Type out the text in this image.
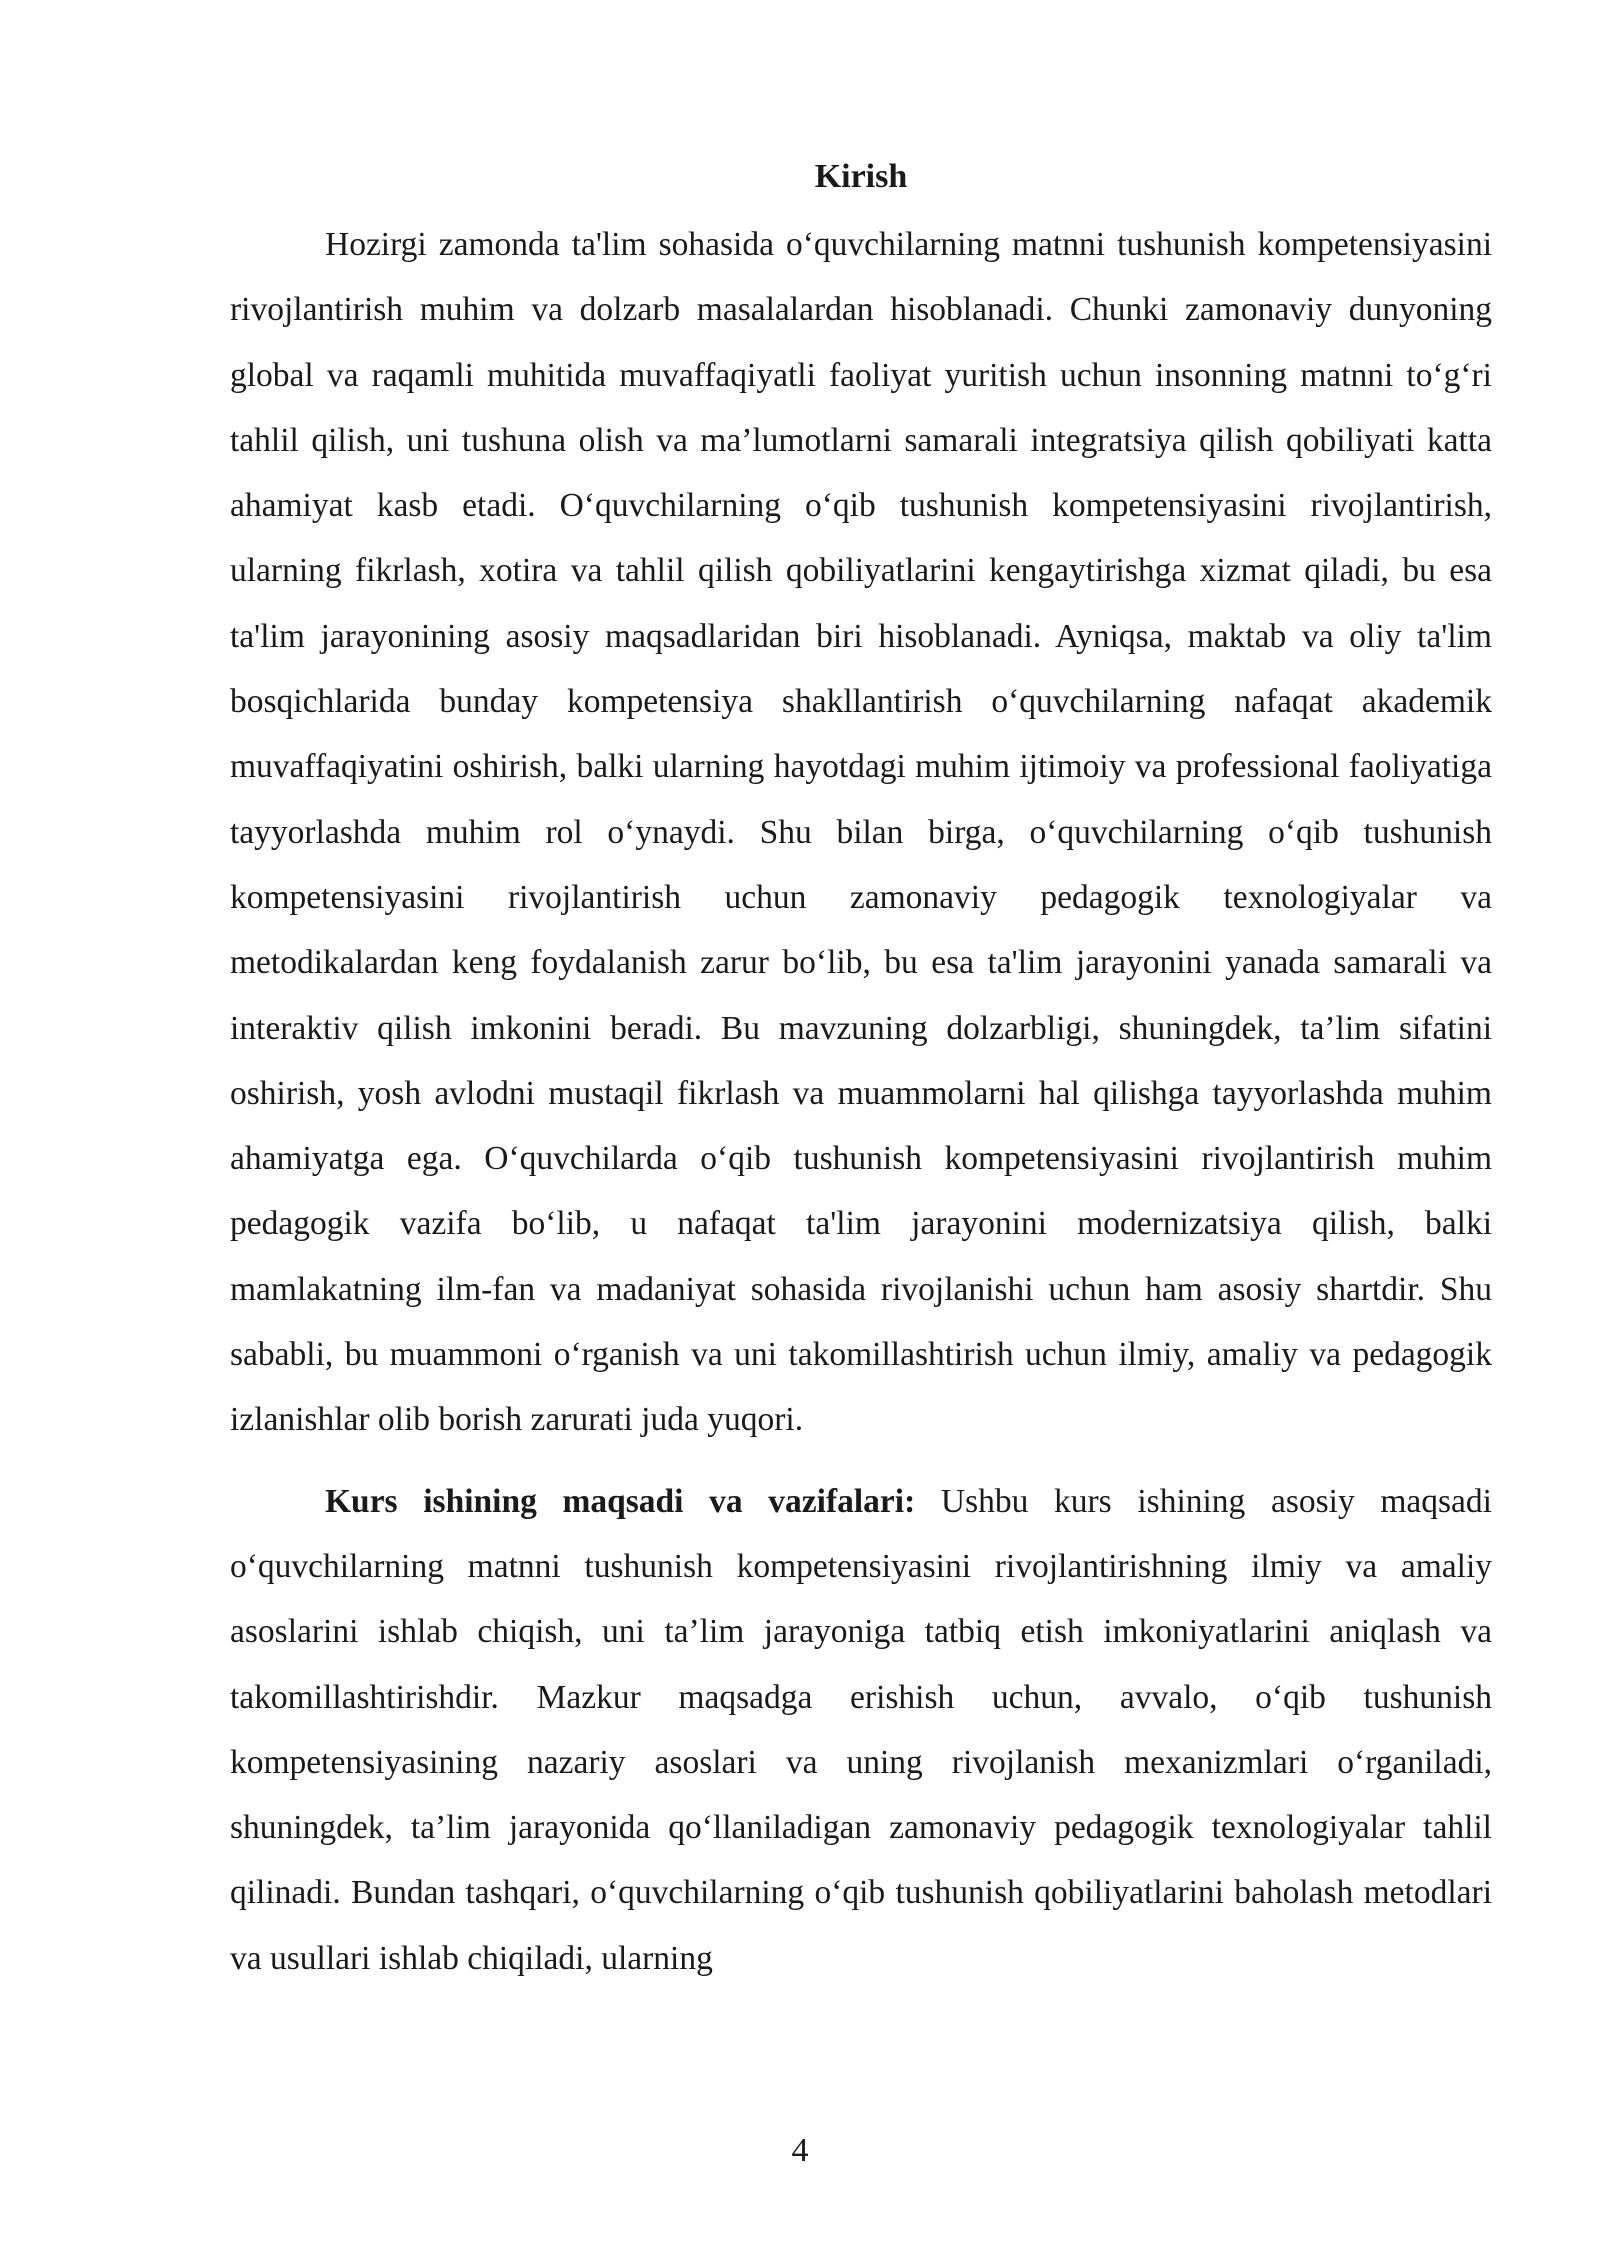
Kirish

Hozirgi zamonda ta'lim sohasida o‘quvchilarning matnni tushunish kompetensiyasini rivojlantirish muhim va dolzarb masalalardan hisoblanadi. Chunki zamonaviy dunyoning global va raqamli muhitida muvaffaqiyatli faoliyat yuritish uchun insonning matnni to‘g‘ri tahlil qilish, uni tushuna olish va ma’lumotlarni samarali integratsiya qilish qobiliyati katta ahamiyat kasb etadi. O‘quvchilarning o‘qib tushunish kompetensiyasini rivojlantirish, ularning fikrlash, xotira va tahlil qilish qobiliyatlarini kengaytirishga xizmat qiladi, bu esa ta'lim jarayonining asosiy maqsadlaridan biri hisoblanadi. Ayniqsa, maktab va oliy ta'lim bosqichlarida bunday kompetensiya shakllantirish o‘quvchilarning nafaqat akademik muvaffaqiyatini oshirish, balki ularning hayotdagi muhim ijtimoiy va professional faoliyatiga tayyorlashda muhim rol o‘ynaydi. Shu bilan birga, o‘quvchilarning o‘qib tushunish kompetensiyasini rivojlantirish uchun zamonaviy pedagogik texnologiyalar va metodikalardan keng foydalanish zarur bo‘lib, bu esa ta'lim jarayonini yanada samarali va interaktiv qilish imkonini beradi. Bu mavzuning dolzarbligi, shuningdek, ta’lim sifatini oshirish, yosh avlodni mustaqil fikrlash va muammolarni hal qilishga tayyorlashda muhim ahamiyatga ega. O‘quvchilarda o‘qib tushunish kompetensiyasini rivojlantirish muhim pedagogik vazifa bo‘lib, u nafaqat ta'lim jarayonini modernizatsiya qilish, balki mamlakatning ilm-fan va madaniyat sohasida rivojlanishi uchun ham asosiy shartdir. Shu sababli, bu muammoni o‘rganish va uni takomillashtirish uchun ilmiy, amaliy va pedagogik izlanishlar olib borish zarurati juda yuqori.

Kurs ishining maqsadi va vazifalari: Ushbu kurs ishining asosiy maqsadi o‘quvchilarning matnni tushunish kompetensiyasini rivojlantirishning ilmiy va amaliy asoslarini ishlab chiqish, uni ta’lim jarayoniga tatbiq etish imkoniyatlarini aniqlash va takomillashtirishdir. Mazkur maqsadga erishish uchun, avvalo, o‘qib tushunish kompetensiyasining nazariy asoslari va uning rivojlanish mexanizmlari o‘rganiladi, shuningdek, ta’lim jarayonida qo‘llaniladigan zamonaviy pedagogik texnologiyalar tahlil qilinadi. Bundan tashqari, o‘quvchilarning o‘qib tushunish qobiliyatlarini baholash metodlari va usullari ishlab chiqiladi, ularning

4
